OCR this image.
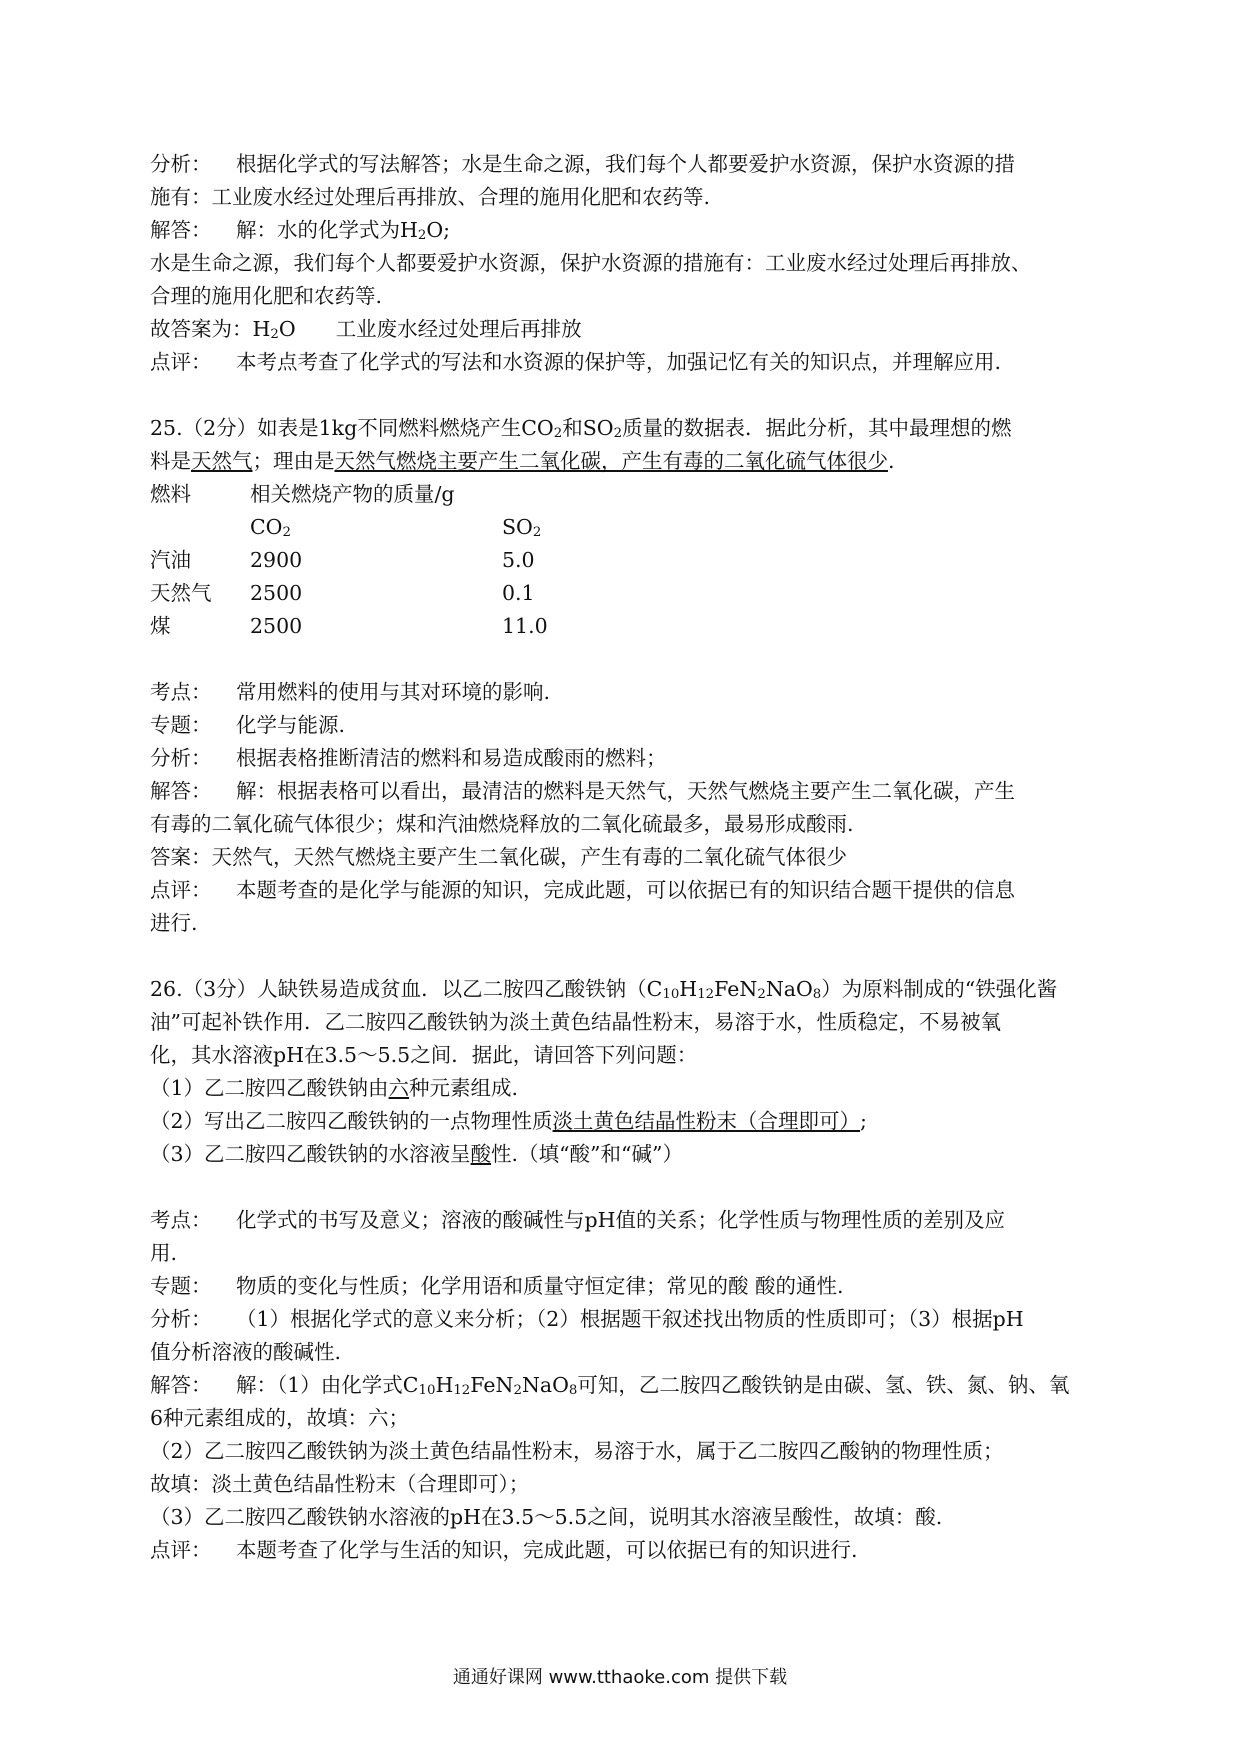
分析： 根据化学式的写法解答；水是生命之源，我们每个人都要爱护水资源，保护水资源的措
施有：工业废水经过处理后再排放、合理的施用化肥和农药等.
解答： 解：水的化学式为$H_2O$;
水是生命之源，我们每个人都要爱护水资源，保护水资源的措施有：工业废水经过处理后再排放、
合理的施用化肥和农药等.
故答案为：$H_2O$ 工业废水经过处理后再排放
点评： 本考点考查了化学式的写法和水资源的保护等，加强记忆有关的知识点，并理解应用.
25.（2分）如表是1kg不同燃料燃烧产生$CO_2$和$SO_2$质量的数据表．据此分析，其中最理想的燃
料是天然气；理由是天然气燃烧主要产生二氧化碳，产生有毒的二氧化硫气体很少.
燃料	相关燃烧产物的质量/g
$CO_2$	$SO_2$
汽油	2900	5.0
天然气 2500	0.1
煤	2500	11.0
考点： 常用燃料的使用与其对环境的影响.
专题： 化学与能源.
分析： 根据表格推断清洁的燃料和易造成酸雨的燃料；
解答： 解：根据表格可以看出，最清洁的燃料是天然气，天然气燃烧主要产生二氧化碳，产生
有毒的二氧化硫气体很少；煤和汽油燃烧释放的二氧化硫最多，最易形成酸雨.
答案：天然气，天然气燃烧主要产生二氧化碳，产生有毒的二氧化硫气体很少
点评： 本题考查的是化学与能源的知识，完成此题，可以依据已有的知识结合题干提供的信息
进行.
26.（3分）人缺铁易造成贫血．以乙二胺四乙酸铁钠$(C_{10}H_{12}FeN_2NaO_8)$为原料制成的“铁强化酱
油”可起补铁作用．乙二胺四乙酸铁钠为淡土黄色结晶性粉末，易溶于水，性质稳定，不易被氧
化，其水溶液pH在3.5～5.5之间．据此，请回答下列问题：
（1）乙二胺四乙酸铁钠由六种元素组成.
（2）写出乙二胺四乙酸铁钠的一点物理性质淡土黄色结晶性粉末（合理即可）;
（3）乙二胺四乙酸铁钠的水溶液呈酸性.（填“酸”和“碱”）
考点： 化学式的书写及意义；溶液的酸碱性与pH值的关系；化学性质与物理性质的差别及应
用.
专题： 物质的变化与性质；化学用语和质量守恒定律；常见的酸 酸的通性.
分析： （1）根据化学式的意义来分析；（2）根据题干叙述找出物质的性质即可；（3）根据pH
值分析溶液的酸碱性.
解答： 解：（1）由化学式$C_{10}H_{12}FeN_2NaO_8$可知，乙二胺四乙酸铁钠是由碳、氢、铁、氮、钠、氧
6种元素组成的，故填：六；
（2）乙二胺四乙酸铁钠为淡土黄色结晶性粉末，易溶于水，属于乙二胺四乙酸钠的物理性质；
故填：淡土黄色结晶性粉末（合理即可）；
（3）乙二胺四乙酸铁钠水溶液的pH在3.5～5.5之间，说明其水溶液呈酸性，故填：酸.
点评： 本题考查了化学与生活的知识，完成此题，可以依据已有的知识进行.
通通好课网 www.tthaoke.com 提供下载
